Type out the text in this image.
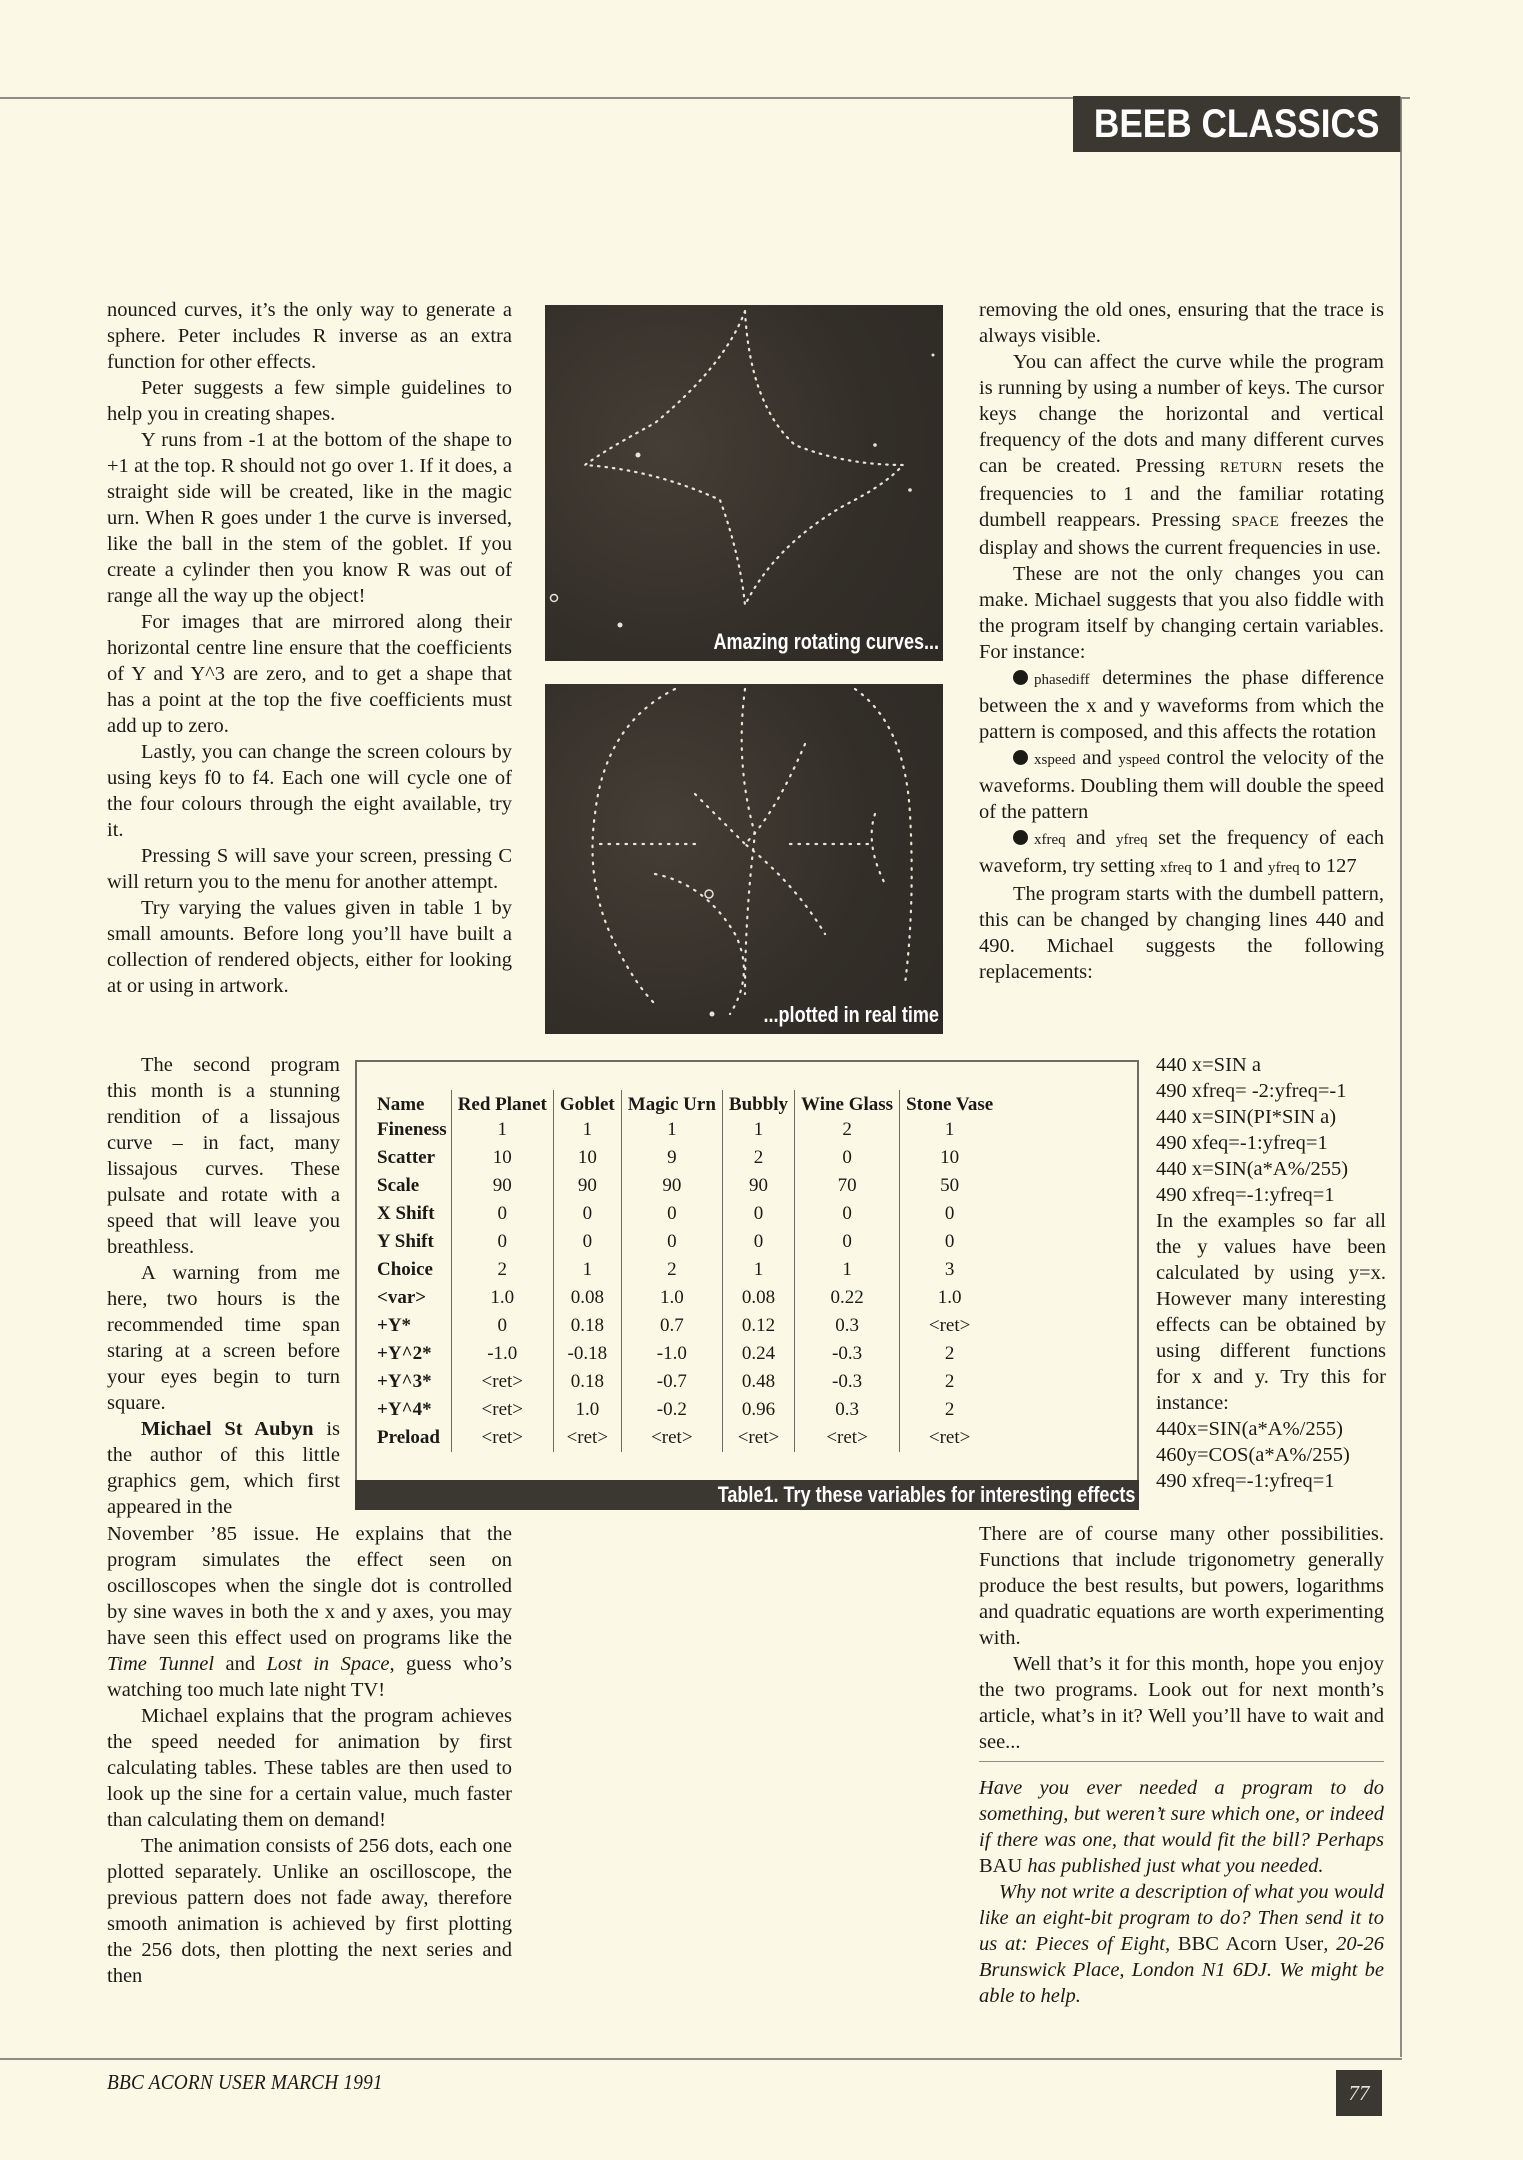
BEEB CLASSICS

nounced curves, it’s the only way to generate a sphere. Peter includes R inverse as an extra function for other effects.

Peter suggests a few simple guidelines to help you in creating shapes.

Y runs from -1 at the bottom of the shape to +1 at the top. R should not go over 1. If it does, a straight side will be created, like in the magic urn. When R goes under 1 the curve is inversed, like the ball in the stem of the goblet. If you create a cylinder then you know R was out of range all the way up the object!

For images that are mirrored along their horizontal centre line ensure that the coefficients of Y and Y^3 are zero, and to get a shape that has a point at the top the five coefficients must add up to zero.

Lastly, you can change the screen colours by using keys f0 to f4. Each one will cycle one of the four colours through the eight available, try it.

Pressing S will save your screen, pressing C will return you to the menu for another attempt.

Try varying the values given in table 1 by small amounts. Before long you’ll have built a collection of rendered objects, either for looking at or using in artwork.

The second program this month is a stunning rendition of a lissajous curve – in fact, many lissajous curves. These pulsate and rotate with a speed that will leave you breathless.

A warning from me here, two hours is the recommended time span staring at a screen before your eyes begin to turn square.

Michael St Aubyn is the author of this little graphics gem, which first appeared in the

November ’85 issue. He explains that the program simulates the effect seen on oscilloscopes when the single dot is controlled by sine waves in both the x and y axes, you may have seen this effect used on programs like the Time Tunnel and Lost in Space, guess who’s watching too much late night TV!

Michael explains that the program achieves the speed needed for animation by first calculating tables. These tables are then used to look up the sine for a certain value, much faster than calculating them on demand!

The animation consists of 256 dots, each one plotted separately. Unlike an oscilloscope, the previous pattern does not fade away, therefore smooth animation is achieved by first plotting the 256 dots, then plotting the next series and then

Amazing rotating curves...
...plotted in real time

removing the old ones, ensuring that the trace is always visible.

You can affect the curve while the program is running by using a number of keys. The cursor keys change the horizontal and vertical frequency of the dots and many different curves can be created. Pressing RETURN resets the frequencies to 1 and the familiar rotating dumbell reappears. Pressing SPACE freezes the display and shows the current frequencies in use.

These are not the only changes you can make. Michael suggests that you also fiddle with the program itself by changing certain variables. For instance:

phasediff determines the phase difference between the x and y waveforms from which the pattern is composed, and this affects the rotation

xspeed and yspeed control the velocity of the waveforms. Doubling them will double the speed of the pattern

xfreq and yfreq set the frequency of each waveform, try setting xfreq to 1 and yfreq to 127

The program starts with the dumbell pattern, this can be changed by changing lines 440 and 490. Michael suggests the following replacements:

440 x=SIN a
490 xfreq= -2:yfreq=-1
440 x=SIN(PI*SIN a)
490 xfeq=-1:yfreq=1
440 x=SIN(a*A%/255)
490 xfreq=-1:yfreq=1

In the examples so far all the y values have been calculated by using y=x. However many interesting effects can be obtained by using different functions for x and y. Try this for instance:

440x=SIN(a*A%/255)
460y=COS(a*A%/255)
490 xfreq=-1:yfreq=1

There are of course many other possibilities. Functions that include trigonometry generally produce the best results, but powers, logarithms and quadratic equations are worth experimenting with.

Well that’s it for this month, hope you enjoy the two programs. Look out for next month’s article, what’s in it? Well you’ll have to wait and see...

Name	Red Planet	Goblet	Magic Urn	Bubbly	Wine Glass	Stone Vase
Fineness	1	1	1	1	2	1
Scatter	10	10	9	2	0	10
Scale	90	90	90	90	70	50
X Shift	0	0	0	0	0	0
Y Shift	0	0	0	0	0	0
Choice	2	1	2	1	1	3
<var>	1.0	0.08	1.0	0.08	0.22	1.0
+Y*	0	0.18	0.7	0.12	0.3	<ret>
+Y^2*	-1.0	-0.18	-1.0	0.24	-0.3	2
+Y^3*	<ret>	0.18	-0.7	0.48	-0.3	2
+Y^4*	<ret>	1.0	-0.2	0.96	0.3	2
Preload	<ret>	<ret>	<ret>	<ret>	<ret>	<ret>
Table1. Try these variables for interesting effects

Have you ever needed a program to do something, but weren’t sure which one, or indeed if there was one, that would fit the bill? Perhaps BAU has published just what you needed.

Why not write a description of what you would like an eight-bit program to do? Then send it to us at: Pieces of Eight, BBC Acorn User, 20-26 Brunswick Place, London N1 6DJ. We might be able to help.

BBC ACORN USER MARCH 1991	77
